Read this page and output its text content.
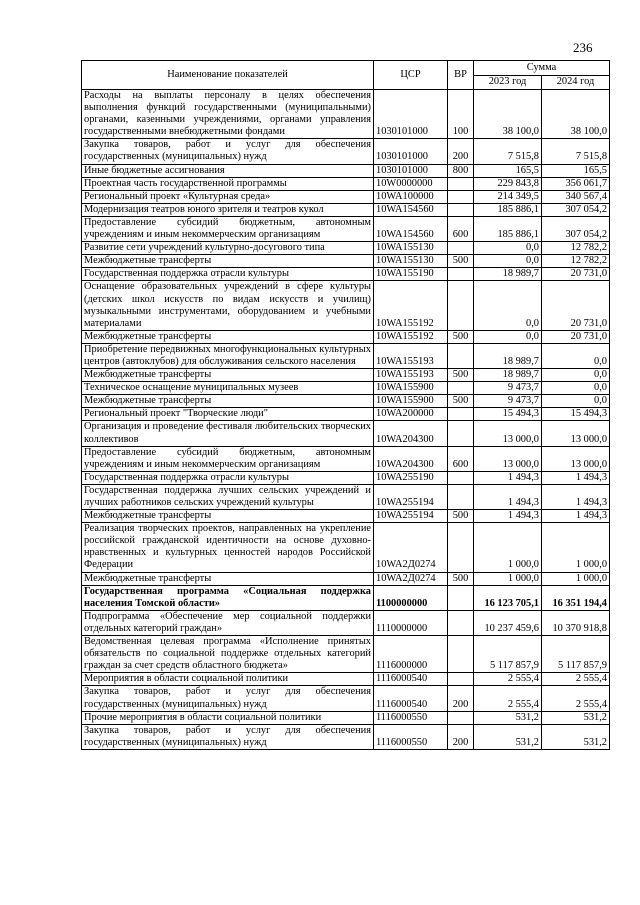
236
Наименование показателей	ЦСР	ВР	Сумма	
			2023 год	2024 год
Расходы на выплаты персоналу в целях обеспечения выполнения функций государственными (муниципальными) органами, казенными учреждениями, органами управления государственными внебюджетными фондами	1030101000	100	38 100,0	38 100,0
Закупка товаров, работ и услуг для обеспечения государственных (муниципальных) нужд	1030101000	200	7 515,8	7 515,8
Иные бюджетные ассигнования	1030101000	800	165,5	165,5
Проектная часть государственной программы	10W0000000		229 843,8	356 061,7
Региональный проект «Культурная среда»	10WA100000		214 349,5	340 567,4
Модернизация театров юного зрителя и театров кукол	10WA154560		185 886,1	307 054,2
Предоставление субсидий бюджетным, автономным учреждениям и иным некоммерческим организациям	10WA154560	600	185 886,1	307 054,2
Развитие сети учреждений культурно-досугового типа	10WA155130		0,0	12 782,2
Межбюджетные трансферты	10WA155130	500	0,0	12 782,2
Государственная поддержка отрасли культуры	10WA155190		18 989,7	20 731,0
Оснащение образовательных учреждений в сфере культуры (детских школ искусств по видам искусств и училищ) музыкальными инструментами, оборудованием и учебными материалами	10WA155192		0,0	20 731,0
Межбюджетные трансферты	10WA155192	500	0,0	20 731,0
Приобретение передвижных многофункциональных культурных центров (автоклубов) для обслуживания сельского населения	10WA155193		18 989,7	0,0
Межбюджетные трансферты	10WA155193	500	18 989,7	0,0
Техническое оснащение муниципальных музеев	10WA155900		9 473,7	0,0
Межбюджетные трансферты	10WA155900	500	9 473,7	0,0
Региональный проект "Творческие люди"	10WA200000		15 494,3	15 494,3
Организация и проведение фестиваля любительских творческих коллективов	10WA204300		13 000,0	13 000,0
Предоставление субсидий бюджетным, автономным учреждениям и иным некоммерческим организациям	10WA204300	600	13 000,0	13 000,0
Государственная поддержка отрасли культуры	10WA255190		1 494,3	1 494,3
Государственная поддержка лучших сельских учреждений и лучших работников сельских учреждений культуры	10WA255194		1 494,3	1 494,3
Межбюджетные трансферты	10WA255194	500	1 494,3	1 494,3
Реализация творческих проектов, направленных на укрепление российской гражданской идентичности на основе духовно-нравственных и культурных ценностей народов Российской Федерации	10WA2Д0274		1 000,0	1 000,0
Межбюджетные трансферты	10WA2Д0274	500	1 000,0	1 000,0
Государственная программа «Социальная поддержка населения Томской области»	1100000000		16 123 705,1	16 351 194,4
Подпрограмма «Обеспечение мер социальной поддержки отдельных категорий граждан»	1110000000		10 237 459,6	10 370 918,8
Ведомственная целевая программа «Исполнение принятых обязательств по социальной поддержке отдельных категорий граждан за счет средств областного бюджета»	1116000000		5 117 857,9	5 117 857,9
Мероприятия в области социальной политики	1116000540		2 555,4	2 555,4
Закупка товаров, работ и услуг для обеспечения государственных (муниципальных) нужд	1116000540	200	2 555,4	2 555,4
Прочие мероприятия в области социальной политики	1116000550		531,2	531,2
Закупка товаров, работ и услуг для обеспечения государственных (муниципальных) нужд	1116000550	200	531,2	531,2
